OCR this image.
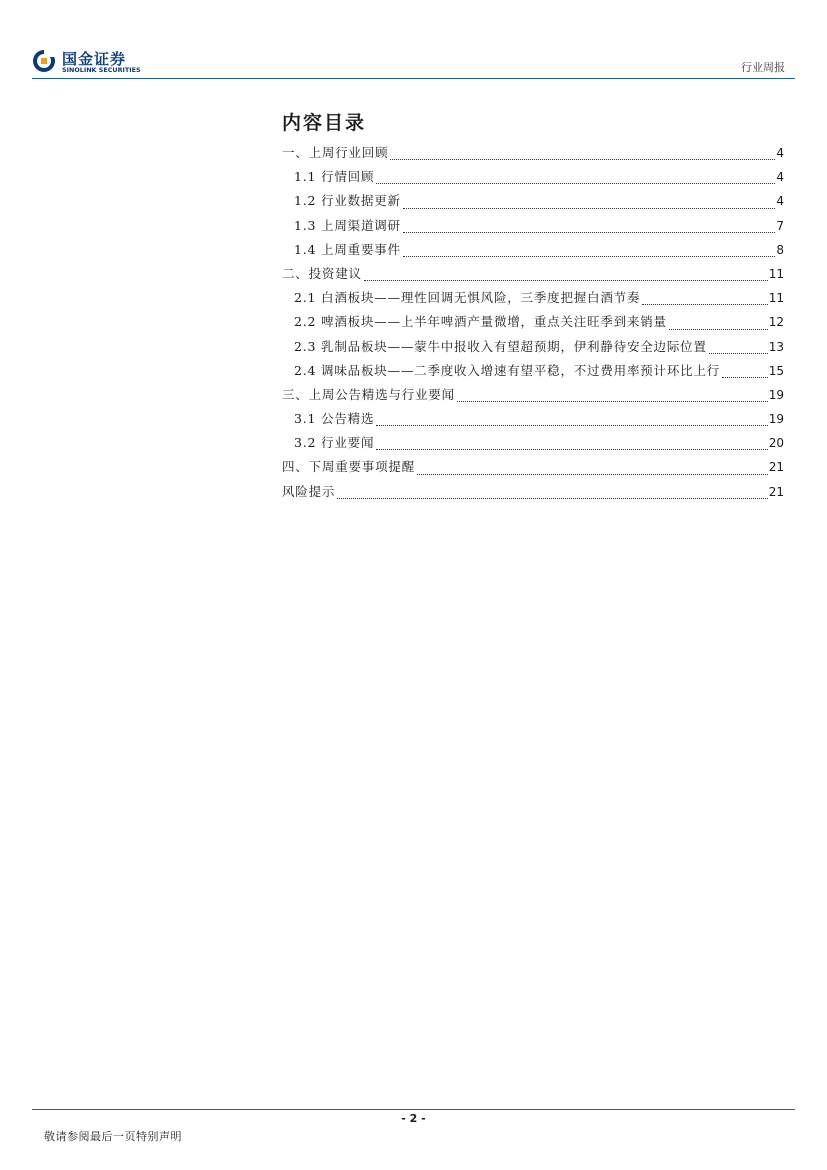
国金证券
SINOLINK SECURITIES	行业周报
内容目录
一、上周行业回顾	4
1.1 行情回顾	4
1.2 行业数据更新	4
1.3 上周渠道调研	7
1.4 上周重要事件	8
二、投资建议	11
2.1 白酒板块——理性回调无惧风险，三季度把握白酒节奏	11
2.2 啤酒板块——上半年啤酒产量微增，重点关注旺季到来销量	12
2.3 乳制品板块——蒙牛中报收入有望超预期，伊利静待安全边际位置	13
2.4 调味品板块——二季度收入增速有望平稳，不过费用率预计环比上行	15
三、上周公告精选与行业要闻	19
3.1 公告精选	19
3.2 行业要闻	20
四、下周重要事项提醒	21
风险提示	21
- 2 -
敬请参阅最后一页特别声明
